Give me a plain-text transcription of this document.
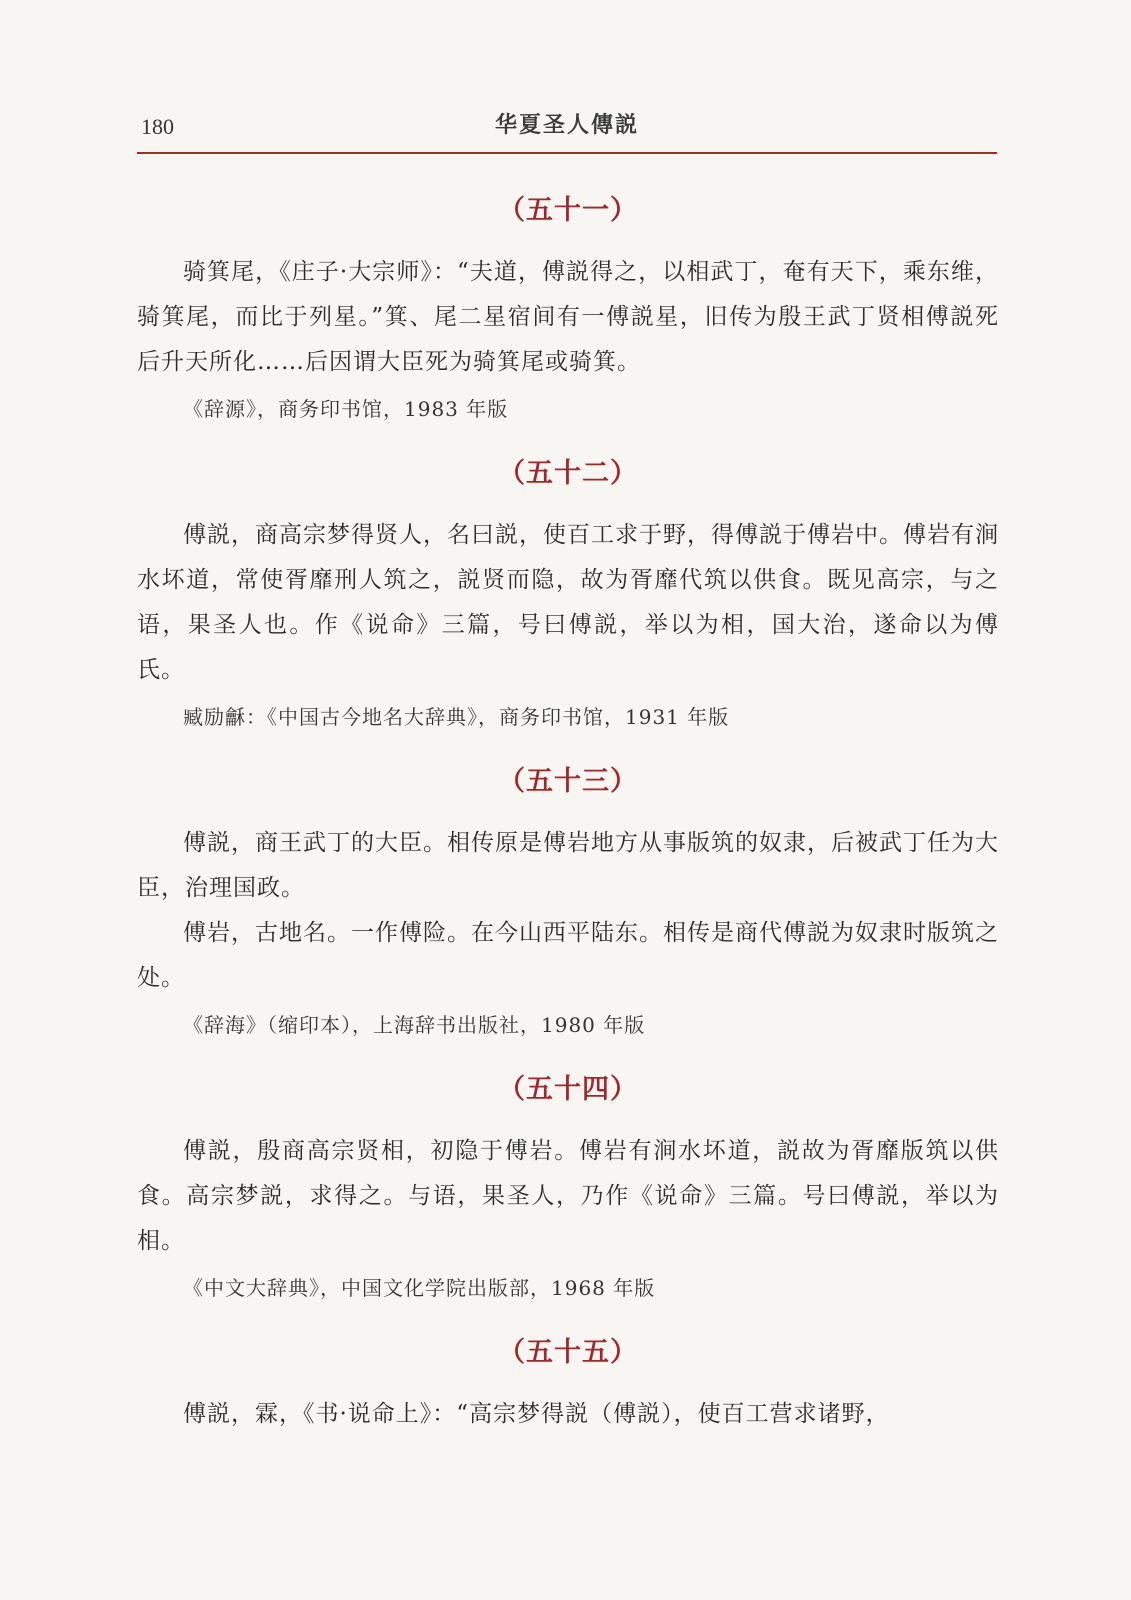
180	华夏圣人傳説
（五十一）

骑箕尾，《庄子·大宗师》：“夫道，傅説得之，以相武丁，奄有天下，乘东维，骑箕尾，而比于列星。”箕、尾二星宿间有一傅説星，旧传为殷王武丁贤相傅説死后升天所化……后因谓大臣死为骑箕尾或骑箕。

《辞源》，商务印书馆，1983 年版
（五十二）

傅説，商高宗梦得贤人，名曰説，使百工求于野，得傅説于傅岩中。傅岩有涧水坏道，常使胥靡刑人筑之，説贤而隐，故为胥靡代筑以供食。既见高宗，与之语，果圣人也。作《说命》三篇，号曰傅説，举以为相，国大治，遂命以为傅氏。

臧励龢：《中国古今地名大辞典》，商务印书馆，1931 年版
（五十三）

傅説，商王武丁的大臣。相传原是傅岩地方从事版筑的奴隶，后被武丁任为大臣，治理国政。

傅岩，古地名。一作傅险。在今山西平陆东。相传是商代傅説为奴隶时版筑之处。

《辞海》（缩印本），上海辞书出版社，1980 年版
（五十四）

傅説，殷商高宗贤相，初隐于傅岩。傅岩有涧水坏道，説故为胥靡版筑以供食。高宗梦説，求得之。与语，果圣人，乃作《说命》三篇。号曰傅説，举以为相。

《中文大辞典》，中国文化学院出版部，1968 年版
（五十五）

傅説，霖，《书·说命上》：“高宗梦得説（傅説），使百工营求诸野，
